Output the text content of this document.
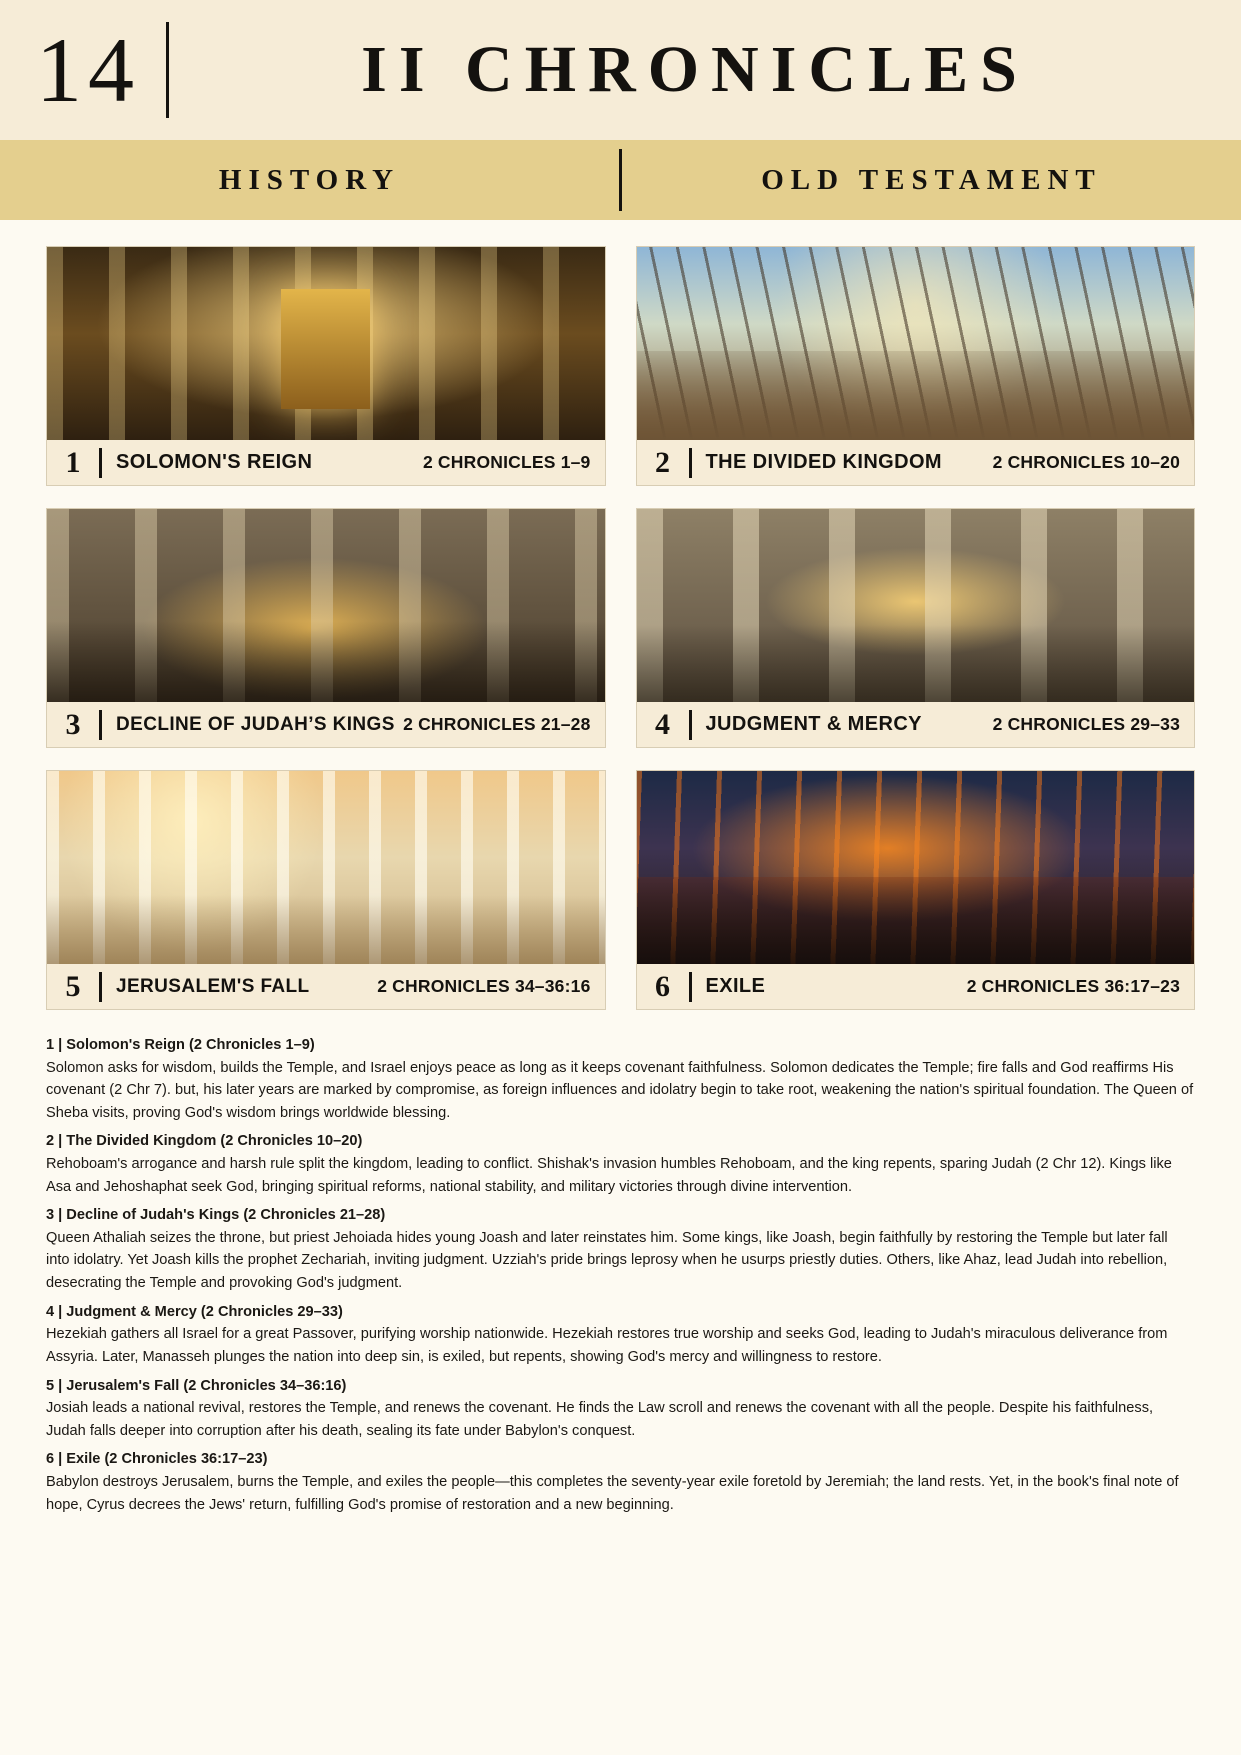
14	II CHRONICLES
HISTORY	OLD TESTAMENT
1	SOLOMON'S REIGN	2 CHRONICLES 1–9	2	THE DIVIDED KINGDOM	2 CHRONICLES 10–20
3	DECLINE OF JUDAH’S KINGS 2 CHRONICLES 21–28	4	JUDGMENT & MERCY	2 CHRONICLES 29–33
5	JERUSALEM'S FALL	2 CHRONICLES 34–36:16	6	EXILE	2 CHRONICLES 36:17–23
1 | Solomon's Reign (2 Chronicles 1–9)

Solomon asks for wisdom, builds the Temple, and Israel enjoys peace as long as it keeps covenant faithfulness. Solomon dedicates the Temple; fire falls and God reaffirms His covenant (2 Chr 7). but, his later years are marked by compromise, as foreign influences and idolatry begin to take root, weakening the nation's spiritual foundation. The Queen of Sheba visits, proving God's wisdom brings worldwide blessing.

2 | The Divided Kingdom (2 Chronicles 10–20)

Rehoboam's arrogance and harsh rule split the kingdom, leading to conflict. Shishak's invasion humbles Rehoboam, and the king repents, sparing Judah (2 Chr 12). Kings like Asa and Jehoshaphat seek God, bringing spiritual reforms, national stability, and military victories through divine intervention.

3 | Decline of Judah's Kings (2 Chronicles 21–28)

Queen Athaliah seizes the throne, but priest Jehoiada hides young Joash and later reinstates him. Some kings, like Joash, begin faithfully by restoring the Temple but later fall into idolatry. Yet Joash kills the prophet Zechariah, inviting judgment. Uzziah's pride brings leprosy when he usurps priestly duties. Others, like Ahaz, lead Judah into rebellion, desecrating the Temple and provoking God's judgment.

4 | Judgment & Mercy (2 Chronicles 29–33)

Hezekiah gathers all Israel for a great Passover, purifying worship nationwide. Hezekiah restores true worship and seeks God, leading to Judah's miraculous deliverance from Assyria. Later, Manasseh plunges the nation into deep sin, is exiled, but repents, showing God's mercy and willingness to restore.

5 | Jerusalem's Fall (2 Chronicles 34–36:16)

Josiah leads a national revival, restores the Temple, and renews the covenant. He finds the Law scroll and renews the covenant with all the people. Despite his faithfulness, Judah falls deeper into corruption after his death, sealing its fate under Babylon's conquest.

6 | Exile (2 Chronicles 36:17–23)

Babylon destroys Jerusalem, burns the Temple, and exiles the people—this completes the seventy-year exile foretold by Jeremiah; the land rests. Yet, in the book's final note of hope, Cyrus decrees the Jews' return, fulfilling God's promise of restoration and a new beginning.
